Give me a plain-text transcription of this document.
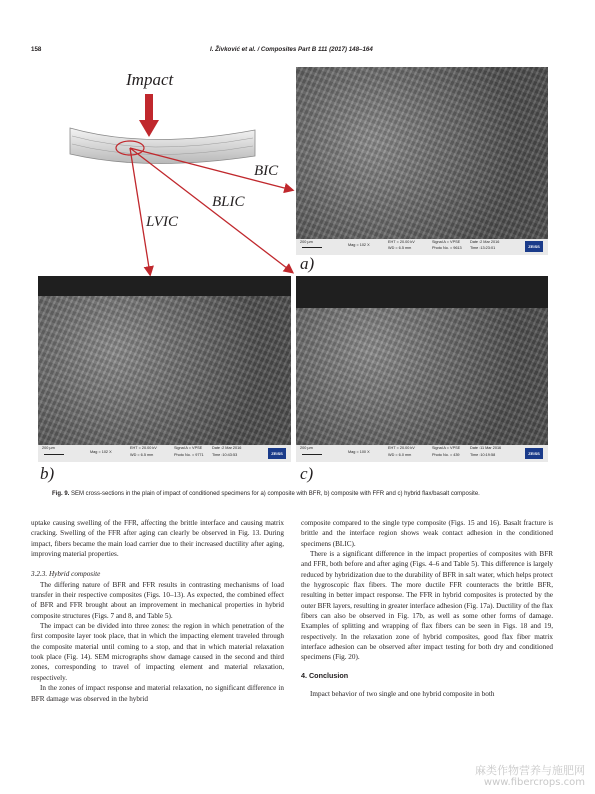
158	I. Živković et al. / Composites Part B 111 (2017) 148–164
Impact
BIC
BLIC
LVIC
200 µm
Mag = 102 X
EHT = 20.00 kV
WD = 6.5 mm
Signal A = VPSE
Photo No. = 9613
Date :2 Mar 2016
Time :13:23:01	ZEISS
a)
200 µm
Mag = 102 X
EHT = 20.00 kV
WD = 6.5 mm
Signal A = VPSE
Photo No. = 9771
Date :2 Mar 2016
Time :10:43:53	ZEISS
b)
200 µm
Mag = 100 X
EHT = 20.00 kV
WD = 6.0 mm
Signal A = VPSE
Photo No. = 439
Date :11 Mar 2016
Time :10:19:58	ZEISS
c)
Fig. 9. SEM cross-sections in the plain of impact of conditioned specimens for a) composite with BFR, b) composite with FFR and c) hybrid flax/basalt composite.

uptake causing swelling of the FFR, affecting the brittle interface and causing matrix cracking. Swelling of the FFR after aging can clearly be observed in Fig. 13. During impact, fibers became the main load carrier due to their increased ductility after aging, improving material properties.

3.2.3. Hybrid composite

The differing nature of BFR and FFR results in contrasting mechanisms of load transfer in their respective composites (Figs. 10–13). As expected, the combined effect of BFR and FFR brought about an improvement in mechanical properties in hybrid composite structures (Figs. 7 and 8, and Table 5).

The impact can be divided into three zones: the region in which penetration of the first composite layer took place, that in which the impacting element traveled through the composite material until coming to a stop, and that in which material relaxation took place (Fig. 14). SEM micrographs show damage caused in the second and third zones, corresponding to travel of impacting element and material relaxation, respectively.

In the zones of impact response and material relaxation, no significant difference in BFR damage was observed in the hybrid

composite compared to the single type composite (Figs. 15 and 16). Basalt fracture is brittle and the interface region shows weak contact adhesion in the conditioned specimens (BLIC).

There is a significant difference in the impact properties of composites with BFR and FFR, both before and after aging (Figs. 4–6 and Table 5). This difference is largely reduced by hybridization due to the durability of BFR in salt water, which helps protect the hygroscopic flax fibers. The more ductile FFR counteracts the brittle BFR, resulting in better impact response. The FFR in hybrid composites is protected by the outer BFR layers, resulting in greater interface adhesion (Fig. 17a). Ductility of the flax fibers can also be observed in Fig. 17b, as well as some other forms of damage. Examples of splitting and wrapping of flax fibers can be seen in Figs. 18 and 19, respectively. In the relaxation zone of hybrid composites, good flax fiber matrix interface adhesion can be observed after impact testing for both dry and conditioned specimens (Fig. 20).

4. Conclusion

Impact behavior of two single and one hybrid composite in both

麻类作物营养与施肥网
www.fibercrops.com
